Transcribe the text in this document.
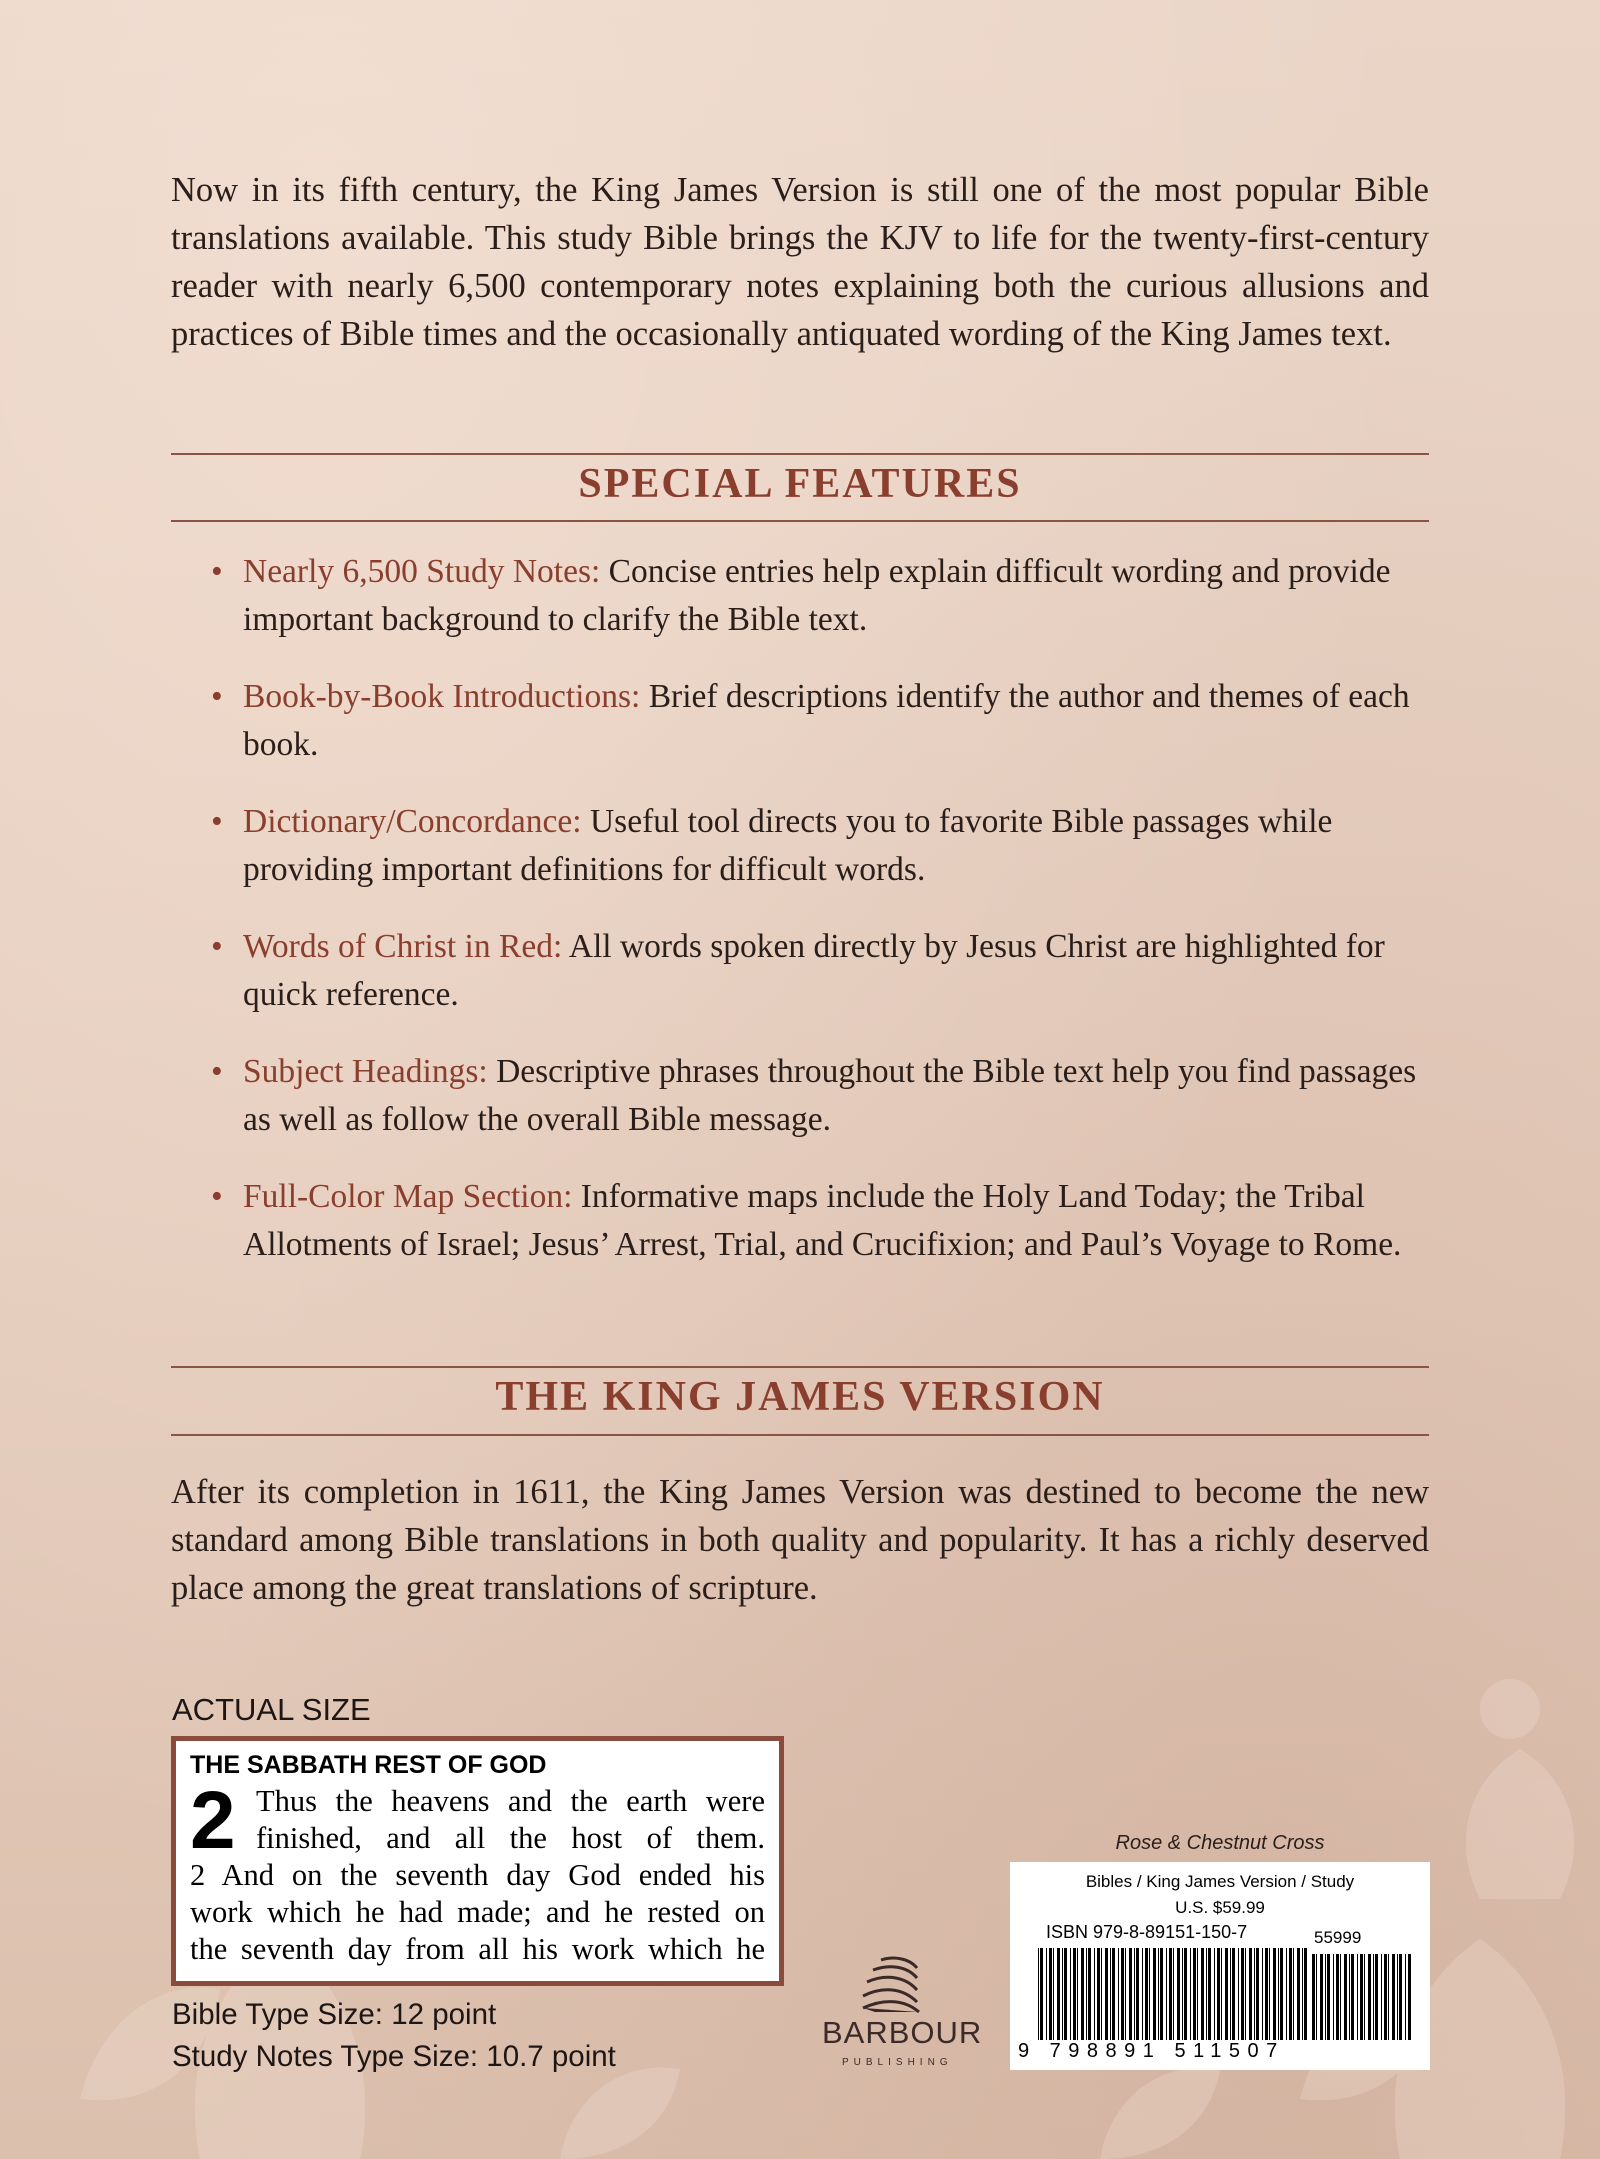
Now in its fifth century, the King James Version is still one of the most popular Bible translations available. This study Bible brings the KJV to life for the twenty-first-century reader with nearly 6,500 contemporary notes explaining both the curious allusions and practices of Bible times and the occasionally antiquated wording of the King James text.

SPECIAL FEATURES
• Nearly 6,500 Study Notes: Concise entries help explain difficult wording and provide important background to clarify the Bible text.
• Book-by-Book Introductions: Brief descriptions identify the author and themes of each book.
• Dictionary/Concordance: Useful tool directs you to favorite Bible passages while providing important definitions for difficult words.
• Words of Christ in Red: All words spoken directly by Jesus Christ are highlighted for quick reference.
• Subject Headings: Descriptive phrases throughout the Bible text help you find passages as well as follow the overall Bible message.
• Full-Color Map Section: Informative maps include the Holy Land Today; the Tribal Allotments of Israel; Jesus’ Arrest, Trial, and Crucifixion; and Paul’s Voyage to Rome.
THE KING JAMES VERSION

After its completion in 1611, the King James Version was destined to become the new standard among Bible translations in both quality and popularity. It has a richly deserved place among the great translations of scripture.

ACTUAL SIZE
THE SABBATH REST OF GOD
2 Thus the heavens and the earth were
finished, and all the host of them.
2 And on the seventh day God ended his
work which he had made; and he rested on
the seventh day from all his work which he
Bible Type Size: 12 point
Study Notes Type Size: 10.7 point
BARBOUR
PUBLISHING
Rose & Chestnut Cross
Bibles / King James Version / Study
U.S. $59.99
ISBN 979-8-89151-150-7	55999
9 798891 511507
